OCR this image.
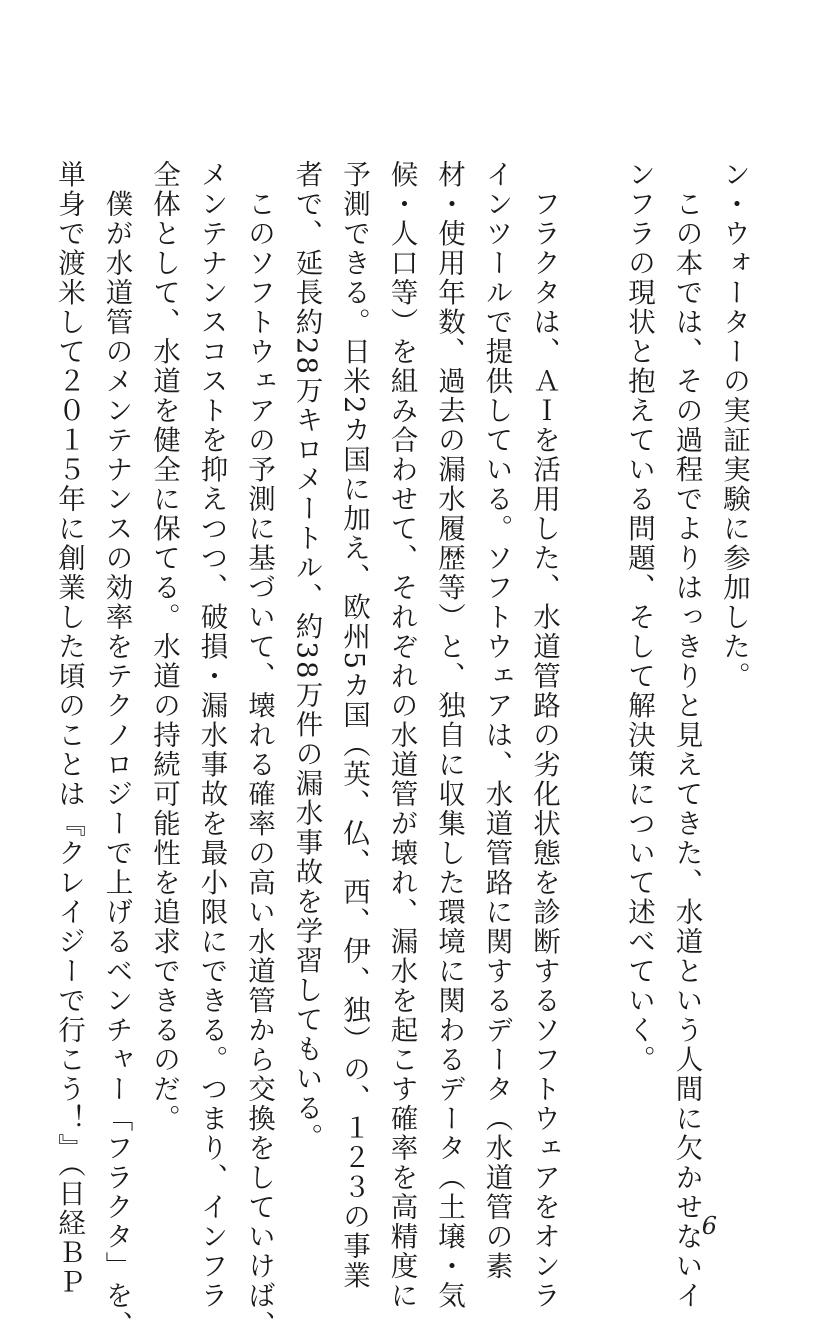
ン・ウォーターの実証実験に参加した。
　この本では、その過程でよりはっきりと見えてきた、水道という人間に欠かせないイ
ンフラの現状と抱えている問題、そして解決策について述べていく。
　フラクタは、ＡＩを活用した、水道管路の劣化状態を診断するソフトウェアをオンラ
インツールで提供している。ソフトウェアは、水道管路に関するデータ（水道管の素
材・使用年数、過去の漏水履歴等）と、独自に収集した環境に関わるデータ（土壌・気
候・人口等）を組み合わせて、それぞれの水道管が壊れ、漏水を起こす確率を高精度に
予測できる。日米2カ国に加え、欧州5カ国（英、仏、西、伊、独）の、１２３の事業
者で、延長約28万キロメートル、約38万件の漏水事故を学習してもいる。
　このソフトウェアの予測に基づいて、壊れる確率の高い水道管から交換をしていけば、
メンテナンスコストを抑えつつ、破損・漏水事故を最小限にできる。つまり、インフラ
全体として、水道を健全に保てる。水道の持続可能性を追求できるのだ。
　僕が水道管のメンテナンスの効率をテクノロジーで上げるベンチャー「フラクタ」を、
単身で渡米して２０１５年に創業した頃のことは『クレイジーで行こう！』（日経ＢＰ	6
